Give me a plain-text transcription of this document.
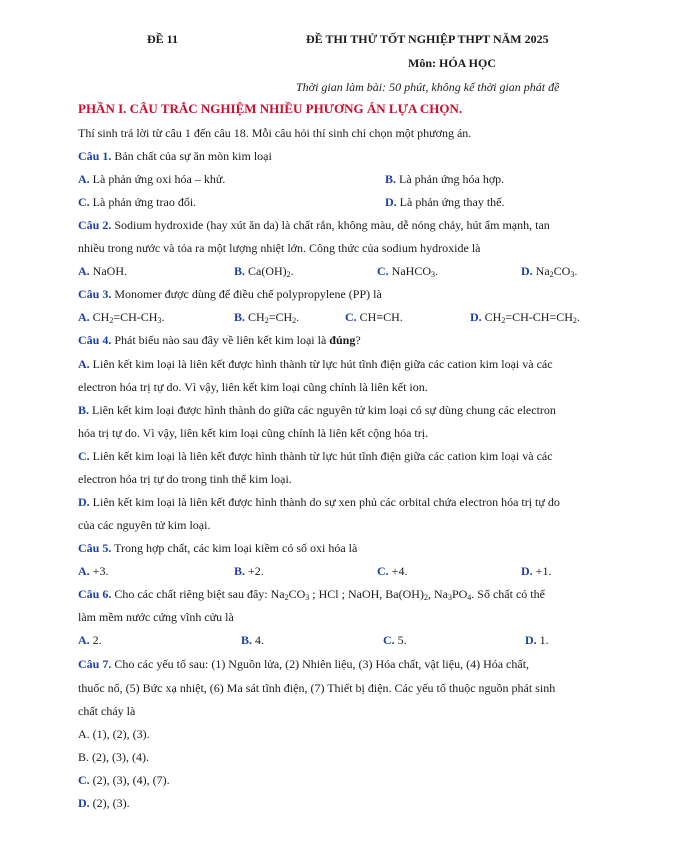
ĐỀ 11	ĐỀ THI THỬ TỐT NGHIỆP THPT NĂM 2025
Môn: HÓA HỌC
Thời gian làm bài: 50 phút, không kể thời gian phát đề
PHẦN I. CÂU TRẮC NGHIỆM NHIỀU PHƯƠNG ÁN LỰA CHỌN.
Thí sinh trả lời từ câu 1 đến câu 18. Mỗi câu hỏi thí sinh chỉ chọn một phương án.
Câu 1. Bản chất của sự ăn mòn kim loại
A. Là phản ứng oxi hóa – khử.	B. Là phản ứng hóa hợp.
C. Là phản ứng trao đổi.	D. Là phản ứng thay thế.
Câu 2. Sodium hydroxide (hay xút ăn da) là chất rắn, không màu, dễ nóng chảy, hút ẩm mạnh, tan
nhiều trong nước và tỏa ra một lượng nhiệt lớn. Công thức của sodium hydroxide là
A. NaOH.	B. $Ca(OH)_2$.	C. NaHCO$_3$.	D. $Na_2CO_3$.
Câu 3. Monomer được dùng để điều chế polypropylene (PP) là
A. $CH_2=CH-CH_3$.	B. $CH_2=CH_2$.	C. CH≡CH.	D. $CH_2=CH-CH=CH_2$.
Câu 4. Phát biểu nào sau đây về liên kết kim loại là đúng?
A. Liên kết kim loại là liên kết được hình thành từ lực hút tĩnh điện giữa các cation kim loại và các
electron hóa trị tự do. Vì vậy, liên kết kim loại cũng chính là liên kết ion.
B. Liên kết kim loại được hình thành do giữa các nguyên tử kim loại có sự dùng chung các electron
hóa trị tự do. Vì vậy, liên kết kim loại cũng chính là liên kết cộng hóa trị.
C. Liên kết kim loại là liên kết được hình thành từ lực hút tĩnh điện giữa các cation kim loại và các
electron hóa trị tự do trong tinh thể kim loại.
D. Liên kết kim loại là liên kết được hình thành do sự xen phủ các orbital chứa electron hóa trị tự do
của các nguyên tử kim loại.
Câu 5. Trong hợp chất, các kim loại kiềm có số oxi hóa là
A. +3.	B. +2.	C. +4.	D. +1.
Câu 6. Cho các chất riêng biệt sau đây: $Na_2CO_3$ ; HCl ; NaOH, $Ba(OH)_2$, $Na_3PO_4$. Số chất có thể
làm mềm nước cứng vĩnh cửu là
A. 2.	B. 4.	C. 5.	D. 1.
Câu 7. Cho các yếu tố sau: (1) Nguồn lửa, (2) Nhiên liệu, (3) Hóa chất, vật liệu, (4) Hóa chất,
thuốc nổ, (5) Bức xạ nhiệt, (6) Ma sát tĩnh điện, (7) Thiết bị điện. Các yếu tố thuộc nguồn phát sinh
chất cháy là
A. (1), (2), (3).
B. (2), (3), (4).
C. (2), (3), (4), (7).
D. (2), (3).
